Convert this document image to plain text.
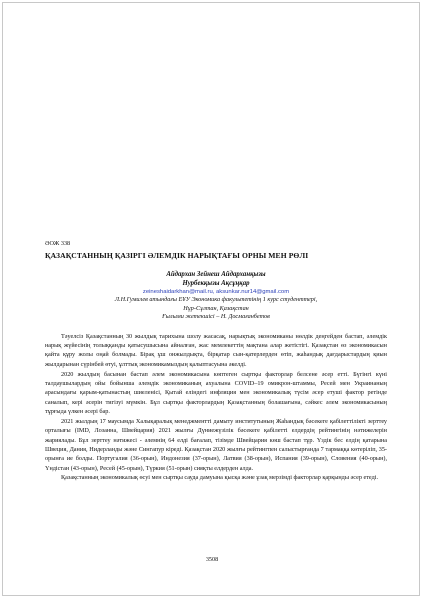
ӘОЖ 338

ҚАЗАҚСТАННЫҢ ҚАЗІРГІ ӘЛЕМДІК НАРЫҚТАҒЫ ОРНЫ МЕН РӨЛІ

Айдархан Зейнеш Айдарханқызы
Нурбекқызы Ақсұңқар
zeineshaidarkhan@mail.ru, aksunkar.nur14@gmail.com
Л.Н.Гумилев атындағы ЕҰУ Экономика факультетінің 1 курс студенттері,
Нұр-Сұлтан, Қазақстан
Ғылыми жетекшісі – Н. Досмағанбетов

Тәуелсіз Қазақстанның 30 жылдық тарихына шолу жасасақ, нарықтық экономиканы нөлдік деңгейден бастап, әлемдік нарық жүйесінің толыққанды қатысушысына айналған, жас мемлекеттің мақтана алар жетістігі. Қазақстан өз экономикасын қайта құру жолы оңай болмады. Бірақ ұш онжылдықта, бірқатар сын-қатерлерден өтіп, жаһандық дағдарыстардың қиын жылдарынан сүрінбей өтуі, ұлттық экономикамыздың қалыптасуына әкелді.

2020 жылдың басынан бастап әлем экономикасына көптеген сыртқы факторлар белсене әсер етті. Бүгінгі күні талдаушылардың ойы бойынша әлемдік экономиканың ахуалына COVID–19 омикрон-штаммы, Ресей мен Украинаның арасындағы қарым-қатынастың шиеленісі, Қытай еліндегі инфляция мен экономикалық түсім әсер етуші фактор ретінде саналып, кері әсерін тигізуі мүмкін. Бұл сыртқы факторлардың Қазақстанның болашағына, сәйкес әлем экономикасының тұрғыда үлкен әсері бар.

2021 жылдың 17 маусымда Халықаралық менеджментті дамыту институтының Жаһандық бәсекеге қабілеттілікті зерттеу орталығы (IMD, Лозанна, Швейцария) 2021 жылғы Дүниежүзілік бәсекеге қабілетті елдердің рейтингінің нәтижелерін жариялады. Бұл зерттеу нәтижесі - әлемнің 64 елді бағалап, тізімде Швейцария көш бастап тұр. Үздік бес елдің қатарына Швеция, Дания, Нидерланды және Сингапур кіреді. Қазақстан 2020 жылғы рейтингпен салыстырғанда 7 тармаққа көтеріліп, 35-орынға ие болды. Португалия (36-орын), Индонезия (37-орын), Латвия (38-орын), Испания (39-орын), Словения (40-орын), Үндістан (43-орын), Ресей (45-орын), Түркия (51-орын) сияқты елдерден алда.

Қазақстанның экономикалық өсуі мен сыртқы сауда дамуына қысқа және ұзақ мерзімді факторлар қарқынды әсер етеді.

3508
